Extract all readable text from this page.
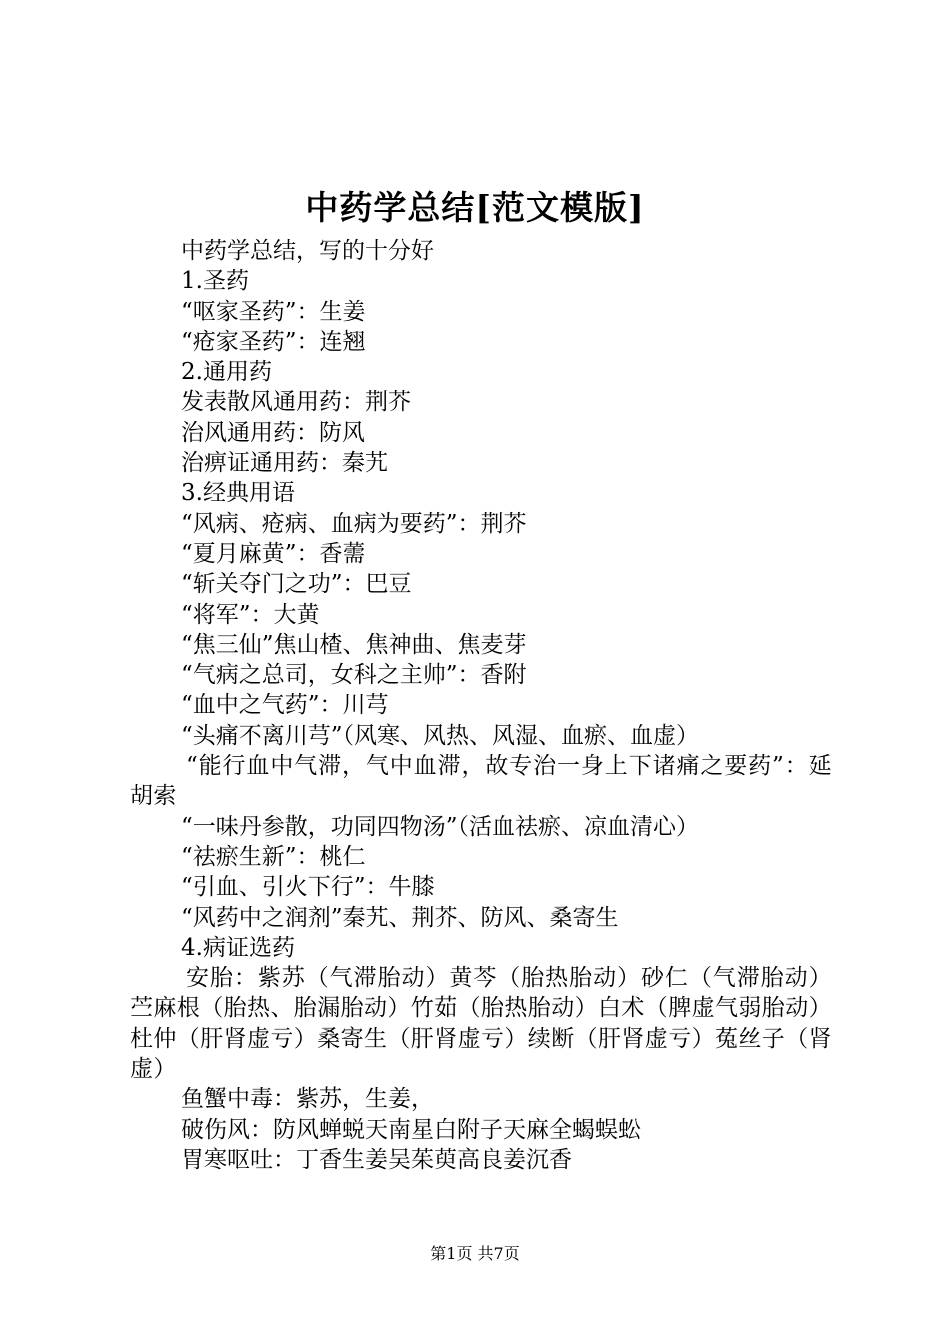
中药学总结[范文模版]

中药学总结，写的十分好

1.圣药

“呕家圣药”：生姜

“疮家圣药”：连翘

2.通用药

发表散风通用药：荆芥

治风通用药：防风

治痹证通用药：秦艽

3.经典用语

“风病、疮病、血病为要药”：荆芥

“夏月麻黄”：香薷

“斩关夺门之功”：巴豆

“将军”：大黄

“焦三仙”焦山楂、焦神曲、焦麦芽

“气病之总司，女科之主帅”：香附

“血中之气药”：川芎

“头痛不离川芎”（风寒、风热、风湿、血瘀、血虚）

“能行血中气滞，气中血滞，故专治一身上下诸痛之要药”：延胡索

“一味丹参散，功同四物汤”（活血祛瘀、凉血清心）

“祛瘀生新”：桃仁

“引血、引火下行”：牛膝

“风药中之润剂”秦艽、荆芥、防风、桑寄生

4.病证选药

安胎：紫苏（气滞胎动）黄芩（胎热胎动）砂仁（气滞胎动）苎麻根（胎热、胎漏胎动）竹茹（胎热胎动）白术（脾虚气弱胎动）杜仲（肝肾虚亏）桑寄生（肝肾虚亏）续断（肝肾虚亏）菟丝子（肾虚）

鱼蟹中毒：紫苏，生姜，

破伤风：防风蝉蜕天南星白附子天麻全蝎蜈蚣

胃寒呕吐：丁香生姜吴茱萸高良姜沉香

第1页 共7页
